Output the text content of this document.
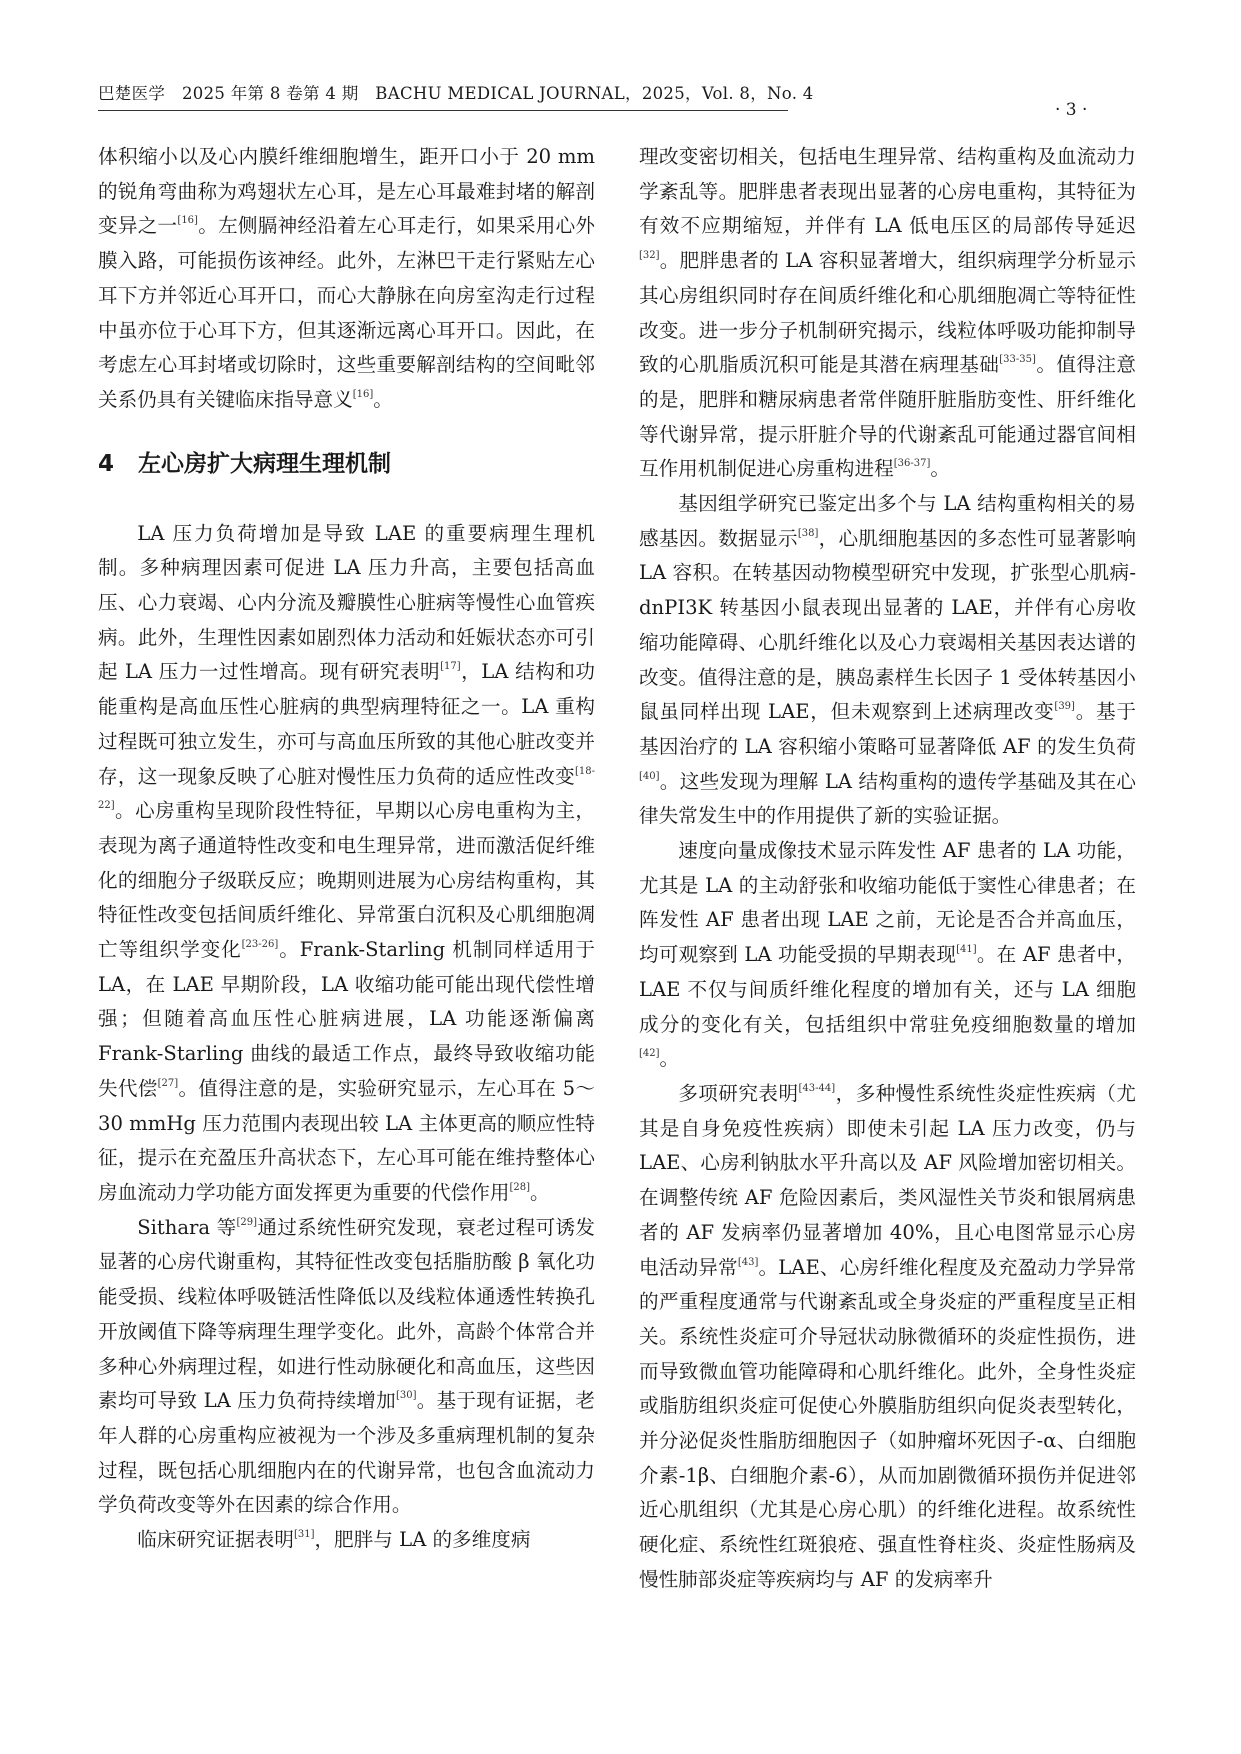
巴楚医学　2025 年第 8 卷第 4 期　BACHU MEDICAL JOURNAL，2025，Vol. 8，No. 4
· 3 ·

体积缩小以及心内膜纤维细胞增生，距开口小于 20 mm 的锐角弯曲称为鸡翅状左心耳，是左心耳最难封堵的解剖变异之一[16]。左侧膈神经沿着左心耳走行，如果采用心外膜入路，可能损伤该神经。此外，左淋巴干走行紧贴左心耳下方并邻近心耳开口，而心大静脉在向房室沟走行过程中虽亦位于心耳下方，但其逐渐远离心耳开口。因此，在考虑左心耳封堵或切除时，这些重要解剖结构的空间毗邻关系仍具有关键临床指导意义[16]。

4 左心房扩大病理生理机制

LA 压力负荷增加是导致 LAE 的重要病理生理机制。多种病理因素可促进 LA 压力升高，主要包括高血压、心力衰竭、心内分流及瓣膜性心脏病等慢性心血管疾病。此外，生理性因素如剧烈体力活动和妊娠状态亦可引起 LA 压力一过性增高。现有研究表明[17]，LA 结构和功能重构是高血压性心脏病的典型病理特征之一。LA 重构过程既可独立发生，亦可与高血压所致的其他心脏改变并存，这一现象反映了心脏对慢性压力负荷的适应性改变[18-22]。心房重构呈现阶段性特征，早期以心房电重构为主，表现为离子通道特性改变和电生理异常，进而激活促纤维化的细胞分子级联反应；晚期则进展为心房结构重构，其特征性改变包括间质纤维化、异常蛋白沉积及心肌细胞凋亡等组织学变化[23-26]。Frank-Starling 机制同样适用于 LA，在 LAE 早期阶段，LA 收缩功能可能出现代偿性增强；但随着高血压性心脏病进展，LA 功能逐渐偏离 Frank-Starling 曲线的最适工作点，最终导致收缩功能失代偿[27]。值得注意的是，实验研究显示，左心耳在 5～30 mmHg 压力范围内表现出较 LA 主体更高的顺应性特征，提示在充盈压升高状态下，左心耳可能在维持整体心房血流动力学功能方面发挥更为重要的代偿作用[28]。

Sithara 等[29]通过系统性研究发现，衰老过程可诱发显著的心房代谢重构，其特征性改变包括脂肪酸 β 氧化功能受损、线粒体呼吸链活性降低以及线粒体通透性转换孔开放阈值下降等病理生理学变化。此外，高龄个体常合并多种心外病理过程，如进行性动脉硬化和高血压，这些因素均可导致 LA 压力负荷持续增加[30]。基于现有证据，老年人群的心房重构应被视为一个涉及多重病理机制的复杂过程，既包括心肌细胞内在的代谢异常，也包含血流动力学负荷改变等外在因素的综合作用。

临床研究证据表明[31]，肥胖与 LA 的多维度病

理改变密切相关，包括电生理异常、结构重构及血流动力学紊乱等。肥胖患者表现出显著的心房电重构，其特征为有效不应期缩短，并伴有 LA 低电压区的局部传导延迟[32]。肥胖患者的 LA 容积显著增大，组织病理学分析显示其心房组织同时存在间质纤维化和心肌细胞凋亡等特征性改变。进一步分子机制研究揭示，线粒体呼吸功能抑制导致的心肌脂质沉积可能是其潜在病理基础[33-35]。值得注意的是，肥胖和糖尿病患者常伴随肝脏脂肪变性、肝纤维化等代谢异常，提示肝脏介导的代谢紊乱可能通过器官间相互作用机制促进心房重构进程[36-37]。

基因组学研究已鉴定出多个与 LA 结构重构相关的易感基因。数据显示[38]，心肌细胞基因的多态性可显著影响 LA 容积。在转基因动物模型研究中发现，扩张型心肌病-dnPI3K 转基因小鼠表现出显著的 LAE，并伴有心房收缩功能障碍、心肌纤维化以及心力衰竭相关基因表达谱的改变。值得注意的是，胰岛素样生长因子 1 受体转基因小鼠虽同样出现 LAE，但未观察到上述病理改变[39]。基于基因治疗的 LA 容积缩小策略可显著降低 AF 的发生负荷[40]。这些发现为理解 LA 结构重构的遗传学基础及其在心律失常发生中的作用提供了新的实验证据。

速度向量成像技术显示阵发性 AF 患者的 LA 功能，尤其是 LA 的主动舒张和收缩功能低于窦性心律患者；在阵发性 AF 患者出现 LAE 之前，无论是否合并高血压，均可观察到 LA 功能受损的早期表现[41]。在 AF 患者中，LAE 不仅与间质纤维化程度的增加有关，还与 LA 细胞成分的变化有关，包括组织中常驻免疫细胞数量的增加[42]。

多项研究表明[43-44]，多种慢性系统性炎症性疾病（尤其是自身免疫性疾病）即使未引起 LA 压力改变，仍与 LAE、心房利钠肽水平升高以及 AF 风险增加密切相关。在调整传统 AF 危险因素后，类风湿性关节炎和银屑病患者的 AF 发病率仍显著增加 40%，且心电图常显示心房电活动异常[43]。LAE、心房纤维化程度及充盈动力学异常的严重程度通常与代谢紊乱或全身炎症的严重程度呈正相关。系统性炎症可介导冠状动脉微循环的炎症性损伤，进而导致微血管功能障碍和心肌纤维化。此外，全身性炎症或脂肪组织炎症可促使心外膜脂肪组织向促炎表型转化，并分泌促炎性脂肪细胞因子（如肿瘤坏死因子-α、白细胞介素-1β、白细胞介素-6），从而加剧微循环损伤并促进邻近心肌组织（尤其是心房心肌）的纤维化进程。故系统性硬化症、系统性红斑狼疮、强直性脊柱炎、炎症性肠病及慢性肺部炎症等疾病均与 AF 的发病率升
